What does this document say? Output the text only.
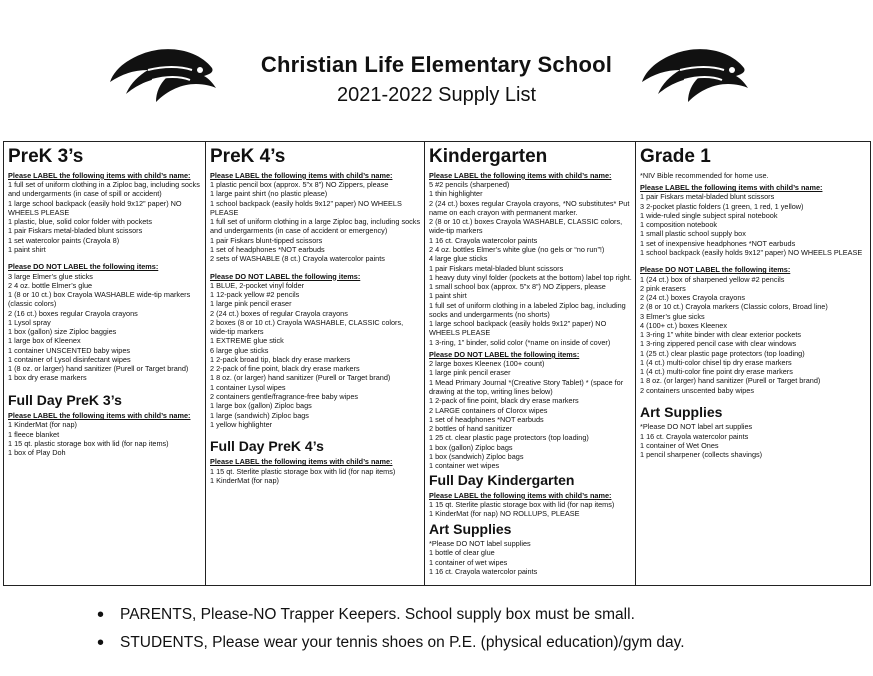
Christian Life Elementary School
2021-2022 Supply List
PreK 3’s
Please LABEL the following items with child’s name:
1 full set of uniform clothing in a Ziploc bag, including socks and undergarments (in case of spill or accident)
1 large school backpack (easily hold 9x12” paper) NO WHEELS PLEASE
1 plastic, blue, solid color folder with pockets
1 pair Fiskars metal-bladed blunt scissors
1 set watercolor paints (Crayola 8)
1 paint shirt
Please DO NOT LABEL the following items:
3 large Elmer’s glue sticks
2 4 oz. bottle Elmer’s glue
1 (8 or 10 ct.) box Crayola WASHABLE wide-tip markers (classic colors)
2 (16 ct.) boxes regular Crayola crayons
1 Lysol spray
1 box (gallon) size Ziploc baggies
1 large box of Kleenex
1 container UNSCENTED baby wipes
1 container of Lysol disinfectant wipes
1 (8 oz. or larger) hand sanitizer (Purell or Target brand)
1 box dry erase markers
Full Day PreK 3’s
Please LABEL the following items with child’s name:
1 KinderMat (for nap)
1 fleece blanket
1 15 qt. plastic storage box with lid (for nap items)
1 box of Play Doh
PreK 4’s
Please LABEL the following items with child’s name:
1 plastic pencil box (approx. 5”x 8”) NO Zippers, please
1 large paint shirt (no plastic please)
1 school backpack (easily holds 9x12” paper) NO WHEELS PLEASE
1 full set of uniform clothing in a large Ziploc bag, including socks and undergarments (in case of accident or emergency)
1 pair Fiskars blunt-tipped scissors
1 set of headphones *NOT earbuds
2 sets of WASHABLE (8 ct.) Crayola watercolor paints
Please DO NOT LABEL the following items:
1 BLUE, 2-pocket vinyl folder
1 12-pack yellow #2 pencils
1 large pink pencil eraser
2 (24 ct.) boxes of regular Crayola crayons
2 boxes (8 or 10 ct.) Crayola WASHABLE, CLASSIC colors, wide-tip markers
1 EXTREME glue stick
6 large glue sticks
1 2-pack broad tip, black dry erase markers
2 2-pack of fine point, black dry erase markers
1 8 oz. (or larger) hand sanitizer (Purell or Target brand)
1 container Lysol wipes
2 containers gentle/fragrance-free baby wipes
1 large box (gallon) Ziploc bags
1 large (sandwich) Ziploc bags
1 yellow highlighter
Full Day PreK 4’s
Please LABEL the following items with child’s name:
1 15 qt. Sterlite plastic storage box with lid (for nap items)
1 KinderMat (for nap)
Kindergarten
Please LABEL the following items with child’s name:
5 #2 pencils (sharpened)
1 thin highlighter
2 (24 ct.) boxes regular Crayola crayons, *NO substitutes* Put name on each crayon with permanent marker.
2 (8 or 10 ct.) boxes Crayola WASHABLE, CLASSIC colors, wide-tip markers
1 16 ct. Crayola watercolor paints
2 4 oz. bottles Elmer’s white glue (no gels or “no run”!)
4 large glue sticks
1 pair Fiskars metal-bladed blunt scissors
1 heavy duty vinyl folder (pockets at the bottom) label top right.
1 small school box (approx. 5”x 8”) NO Zippers, please
1 paint shirt
1 full set of uniform clothing in a labeled Ziploc bag, including socks and undergarments (no shorts)
1 large school backpack (easily holds 9x12” paper) NO WHEELS PLEASE
1 3-ring, 1” binder, solid color (*name on inside of cover)
Please DO NOT LABEL the following items:
2 large boxes Kleenex (100+ count)
1 large pink pencil eraser
1 Mead Primary Journal *(Creative Story Tablet) * (space for drawing at the top, writing lines below)
1 2-pack of fine point, black dry erase markers
2 LARGE containers of Clorox wipes
1 set of headphones *NOT earbuds
2 bottles of hand sanitizer
1 25 ct. clear plastic page protectors (top loading)
1 box (gallon) Ziploc bags
1 box (sandwich) Ziploc bags
1 container wet wipes
Full Day Kindergarten
Please LABEL the following items with child’s name:
1 15 qt. Sterlite plastic storage box with lid (for nap items)
1 KinderMat (for nap) NO ROLLUPS, PLEASE
Art Supplies
*Please DO NOT label supplies
1 bottle of clear glue
1 container of wet wipes
1 16 ct. Crayola watercolor paints
Grade 1
*NIV Bible recommended for home use.
Please LABEL the following items with child’s name:
1 pair Fiskars metal-bladed blunt scissors
3 2-pocket plastic folders (1 green, 1 red, 1 yellow)
1 wide-ruled single subject spiral notebook
1 composition notebook
1 small plastic school supply box
1 set of inexpensive headphones *NOT earbuds
1 school backpack (easily holds 9x12” paper) NO WHEELS PLEASE
Please DO NOT LABEL the following items:
1 (24 ct.) box of sharpened yellow #2 pencils
2 pink erasers
2 (24 ct.) boxes Crayola crayons
2 (8 or 10 ct.) Crayola markers (Classic colors, Broad line)
3 Elmer’s glue sicks
4 (100+ ct.) boxes Kleenex
1 3-ring 1” white binder with clear exterior pockets
1 3-ring zippered pencil case with clear windows
1 (25 ct.) clear plastic page protectors (top loading)
1 (4 ct.) multi-color chisel tip dry erase markers
1 (4 ct.) multi-color fine point dry erase markers
1 8 oz. (or larger) hand sanitizer (Purell or Target brand)
2 containers unscented baby wipes
Art Supplies
*Please DO NOT label art supplies
1 16 ct. Crayola watercolor paints
1 container of Wet Ones
1 pencil sharpener (collects shavings)
• PARENTS, Please-NO Trapper Keepers. School supply box must be small.
• STUDENTS, Please wear your tennis shoes on P.E. (physical education)/gym day.
